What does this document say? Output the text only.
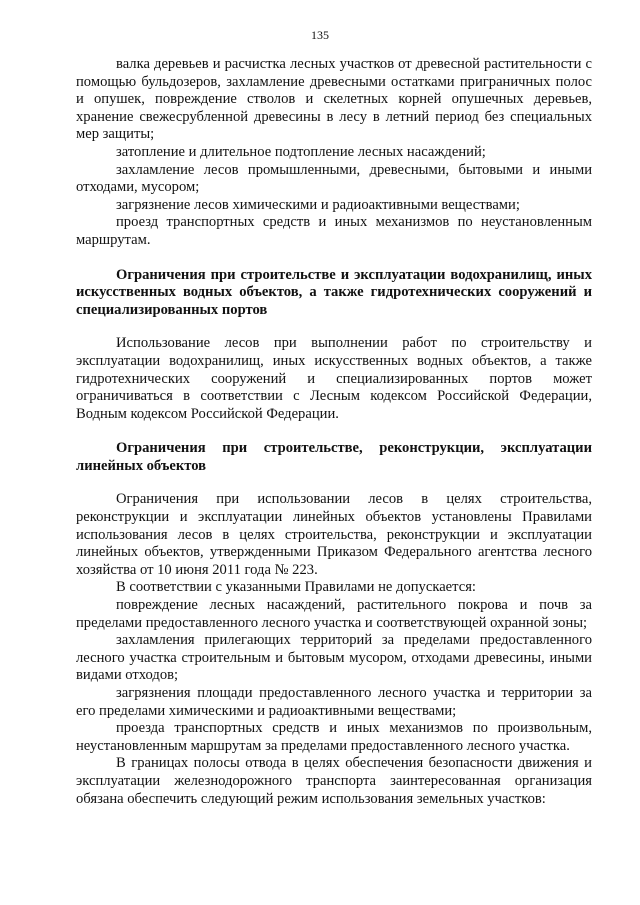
135

валка деревьев и расчистка лесных участков от древесной растительности с помощью бульдозеров, захламление древесными остатками приграничных полос и опушек, повреждение стволов и скелетных корней опушечных деревьев, хранение свежесрубленной древесины в лесу в летний период без специальных мер защиты;

затопление и длительное подтопление лесных насаждений;

захламление лесов промышленными, древесными, бытовыми и иными отходами, мусором;

загрязнение лесов химическими и радиоактивными веществами;

проезд транспортных средств и иных механизмов по неустановленным маршрутам.

Ограничения при строительстве и эксплуатации водохранилищ, иных искусственных водных объектов, а также гидротехнических сооружений и специализированных портов

Использование лесов при выполнении работ по строительству и эксплуатации водохранилищ, иных искусственных водных объектов, а также гидротехнических сооружений и специализированных портов может ограничиваться в соответствии с Лесным кодексом Российской Федерации, Водным кодексом Российской Федерации.

Ограничения при строительстве, реконструкции, эксплуатации линейных объектов

Ограничения при использовании лесов в целях строительства, реконструкции и эксплуатации линейных объектов установлены Правилами использования лесов в целях строительства, реконструкции и эксплуатации линейных объектов, утвержденными Приказом Федерального агентства лесного хозяйства от 10 июня 2011 года № 223.

В соответствии с указанными Правилами не допускается:

повреждение лесных насаждений, растительного покрова и почв за пределами предоставленного лесного участка и соответствующей охранной зоны;

захламления прилегающих территорий за пределами предоставленного лесного участка строительным и бытовым мусором, отходами древесины, иными видами отходов;

загрязнения площади предоставленного лесного участка и территории за его пределами химическими и радиоактивными веществами;

проезда транспортных средств и иных механизмов по произвольным, неустановленным маршрутам за пределами предоставленного лесного участка.

В границах полосы отвода в целях обеспечения безопасности движения и эксплуатации железнодорожного транспорта заинтересованная организация обязана обеспечить следующий режим использования земельных участков:
